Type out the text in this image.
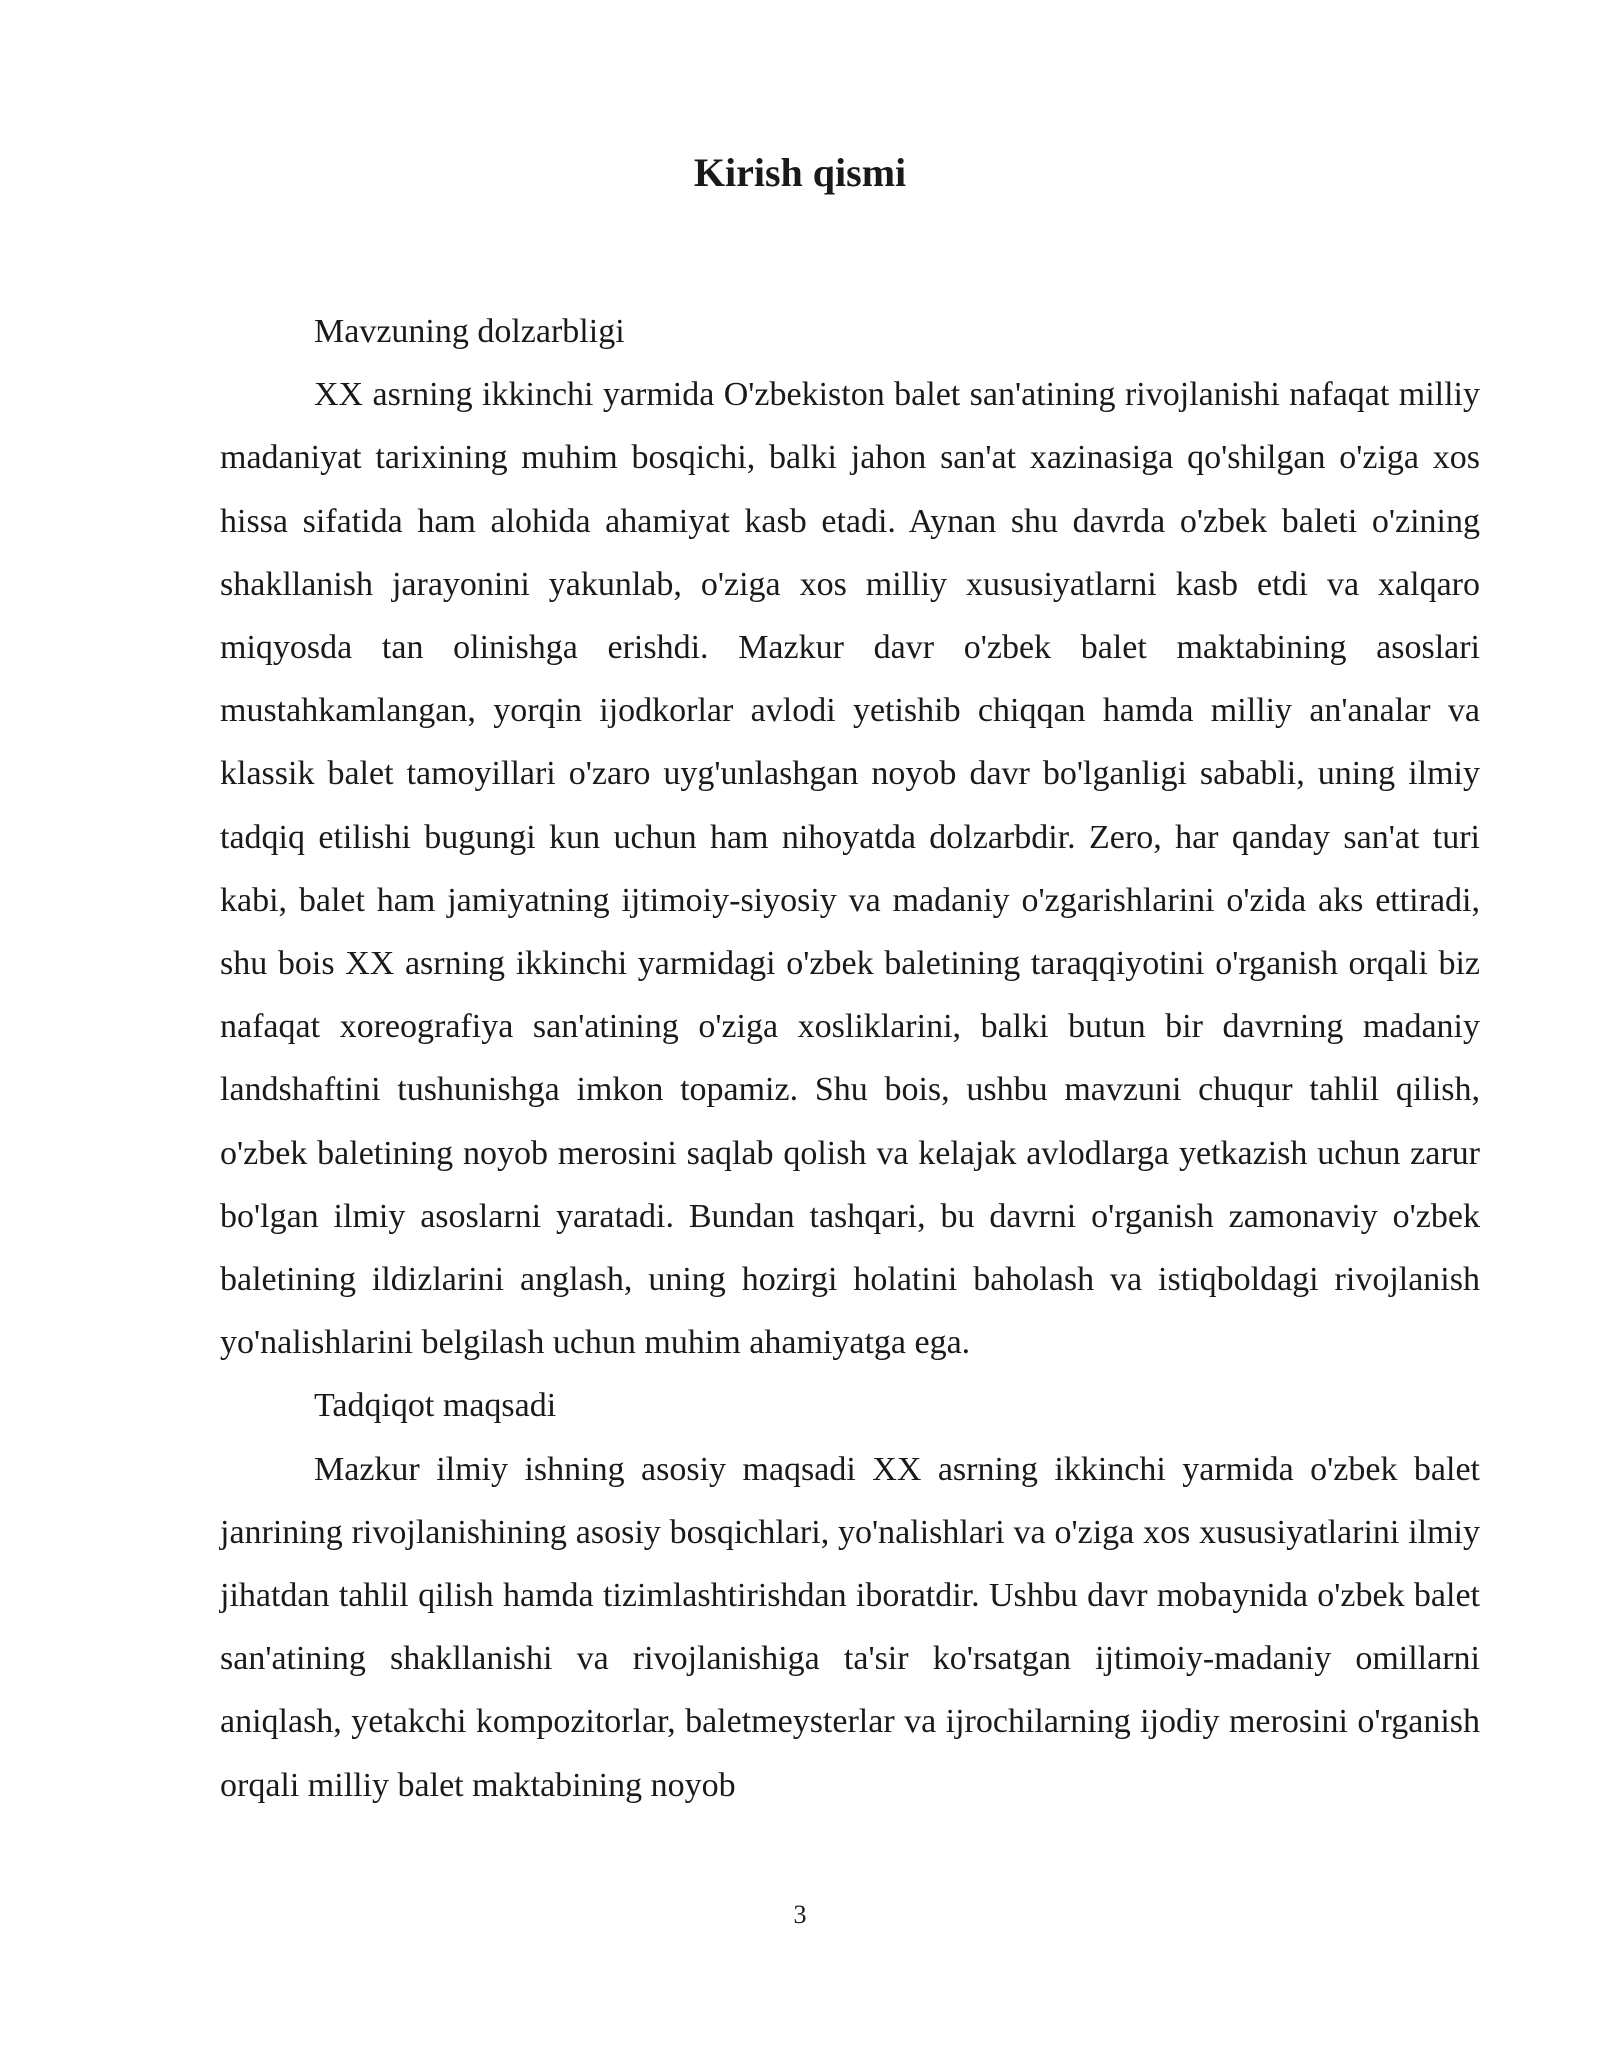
Kirish qismi

Mavzuning dolzarbligi

XX asrning ikkinchi yarmida O'zbekiston balet san'atining rivojlanishi nafaqat milliy madaniyat tarixining muhim bosqichi, balki jahon san'at xazinasiga qo'shilgan o'ziga xos hissa sifatida ham alohida ahamiyat kasb etadi. Aynan shu davrda o'zbek baleti o'zining shakllanish jarayonini yakunlab, o'ziga xos milliy xususiyatlarni kasb etdi va xalqaro miqyosda tan olinishga erishdi. Mazkur davr o'zbek balet maktabining asoslari mustahkamlangan, yorqin ijodkorlar avlodi yetishib chiqqan hamda milliy an'analar va klassik balet tamoyillari o'zaro uyg'unlashgan noyob davr bo'lganligi sababli, uning ilmiy tadqiq etilishi bugungi kun uchun ham nihoyatda dolzarbdir. Zero, har qanday san'at turi kabi, balet ham jamiyatning ijtimoiy-siyosiy va madaniy o'zgarishlarini o'zida aks ettiradi, shu bois XX asrning ikkinchi yarmidagi o'zbek baletining taraqqiyotini o'rganish orqali biz nafaqat xoreografiya san'atining o'ziga xosliklarini, balki butun bir davrning madaniy landshaftini tushunishga imkon topamiz. Shu bois, ushbu mavzuni chuqur tahlil qilish, o'zbek baletining noyob merosini saqlab qolish va kelajak avlodlarga yetkazish uchun zarur bo'lgan ilmiy asoslarni yaratadi. Bundan tashqari, bu davrni o'rganish zamonaviy o'zbek baletining ildizlarini anglash, uning hozirgi holatini baholash va istiqboldagi rivojlanish yo'nalishlarini belgilash uchun muhim ahamiyatga ega.

Tadqiqot maqsadi

Mazkur ilmiy ishning asosiy maqsadi XX asrning ikkinchi yarmida o'zbek balet janrining rivojlanishining asosiy bosqichlari, yo'nalishlari va o'ziga xos xususiyatlarini ilmiy jihatdan tahlil qilish hamda tizimlashtirishdan iboratdir. Ushbu davr mobaynida o'zbek balet san'atining shakllanishi va rivojlanishiga ta'sir ko'rsatgan ijtimoiy-madaniy omillarni aniqlash, yetakchi kompozitorlar, baletmeysterlar va ijrochilarning ijodiy merosini o'rganish orqali milliy balet maktabining noyob

3
